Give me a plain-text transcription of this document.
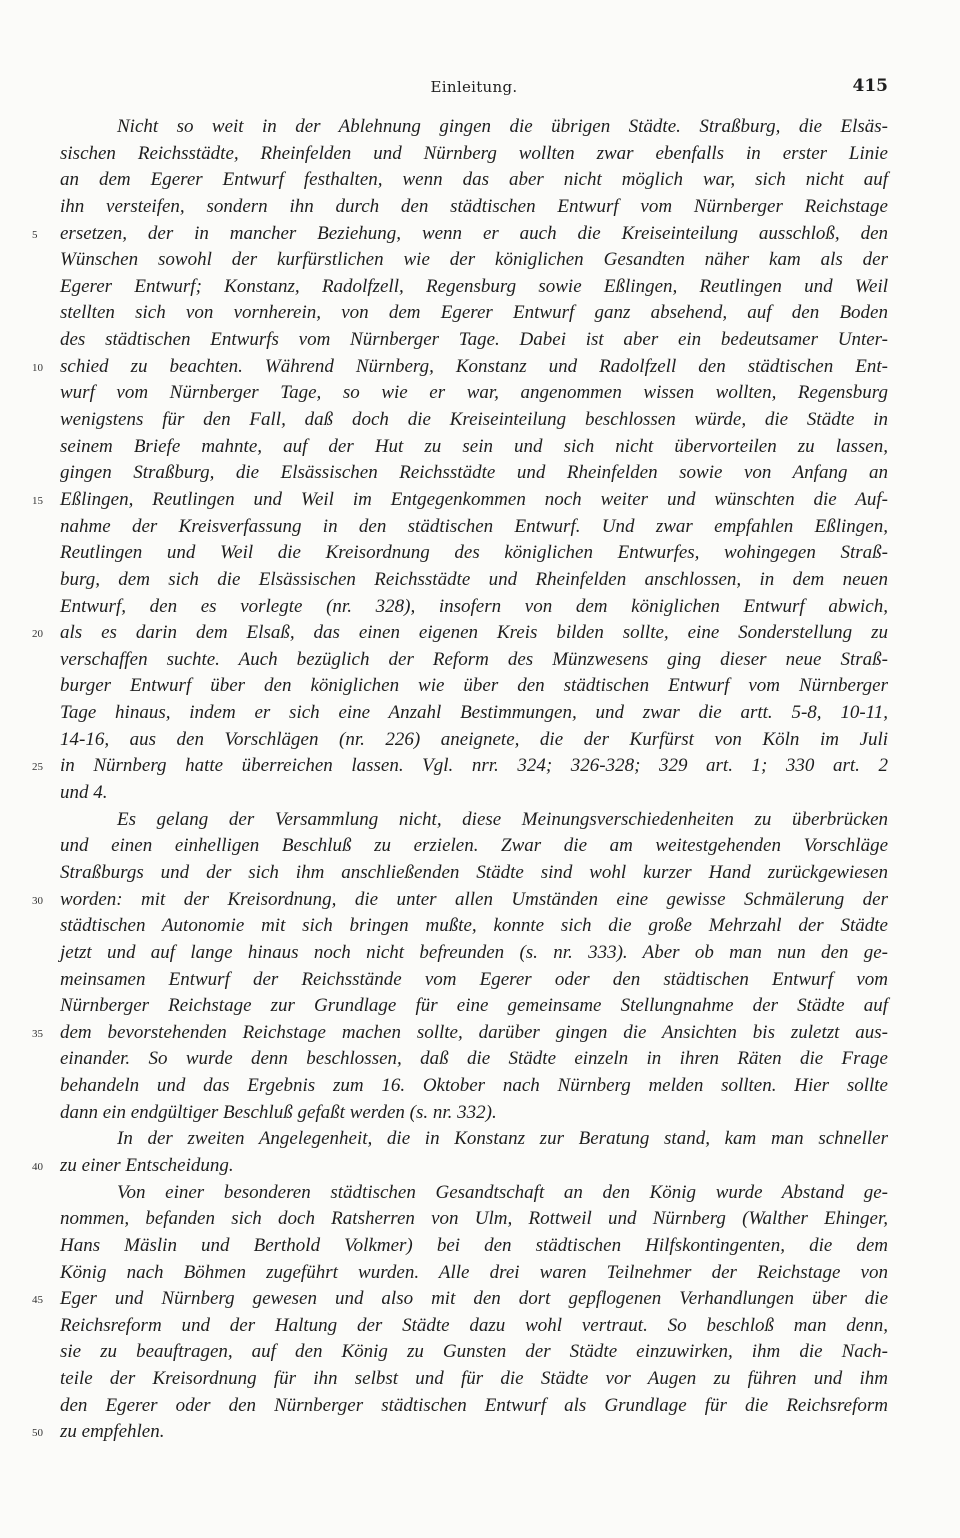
Einleitung.	415
Nicht so weit in der Ablehnung gingen die übrigen Städte. Straßburg, die Elsäs-
sischen Reichsstädte, Rheinfelden und Nürnberg wollten zwar ebenfalls in erster Linie
an dem Egerer Entwurf festhalten, wenn das aber nicht möglich war, sich nicht auf
ihn versteifen, sondern ihn durch den städtischen Entwurf vom Nürnberger Reichstage
5	ersetzen, der in mancher Beziehung, wenn er auch die Kreiseinteilung ausschloß, den
Wünschen sowohl der kurfürstlichen wie der königlichen Gesandten näher kam als der
Egerer Entwurf; Konstanz, Radolfzell, Regensburg sowie Eßlingen, Reutlingen und Weil
stellten sich von vornherein, von dem Egerer Entwurf ganz absehend, auf den Boden
des städtischen Entwurfs vom Nürnberger Tage. Dabei ist aber ein bedeutsamer Unter-
10 schied zu beachten. Während Nürnberg, Konstanz und Radolfzell den städtischen Ent-
wurf vom Nürnberger Tage, so wie er war, angenommen wissen wollten, Regensburg
wenigstens für den Fall, daß doch die Kreiseinteilung beschlossen würde, die Städte in
seinem Briefe mahnte, auf der Hut zu sein und sich nicht übervorteilen zu lassen,
gingen Straßburg, die Elsässischen Reichsstädte und Rheinfelden sowie von Anfang an
15 Eßlingen, Reutlingen und Weil im Entgegenkommen noch weiter und wünschten die Auf-
nahme der Kreisverfassung in den städtischen Entwurf. Und zwar empfahlen Eßlingen,
Reutlingen und Weil die Kreisordnung des königlichen Entwurfes, wohingegen Straß-
burg, dem sich die Elsässischen Reichsstädte und Rheinfelden anschlossen, in dem neuen
Entwurf, den es vorlegte (nr. 328), insofern von dem königlichen Entwurf abwich,
20 als es darin dem Elsaß, das einen eigenen Kreis bilden sollte, eine Sonderstellung zu
verschaffen suchte. Auch bezüglich der Reform des Münzwesens ging dieser neue Straß-
burger Entwurf über den königlichen wie über den städtischen Entwurf vom Nürnberger
Tage hinaus, indem er sich eine Anzahl Bestimmungen, und zwar die artt. 5-8, 10-11,
14-16, aus den Vorschlägen (nr. 226) aneignete, die der Kurfürst von Köln im Juli
25 in Nürnberg hatte überreichen lassen. Vgl. nrr. 324; 326-328; 329 art. 1; 330 art. 2
und 4.
Es gelang der Versammlung nicht, diese Meinungsverschiedenheiten zu überbrücken
und einen einhelligen Beschluß zu erzielen. Zwar die am weitestgehenden Vorschläge
Straßburgs und der sich ihm anschließenden Städte sind wohl kurzer Hand zurückgewiesen
30 worden: mit der Kreisordnung, die unter allen Umständen eine gewisse Schmälerung der
städtischen Autonomie mit sich bringen mußte, konnte sich die große Mehrzahl der Städte
jetzt und auf lange hinaus noch nicht befreunden (s. nr. 333). Aber ob man nun den ge-
meinsamen Entwurf der Reichsstände vom Egerer oder den städtischen Entwurf vom
Nürnberger Reichstage zur Grundlage für eine gemeinsame Stellungnahme der Städte auf
35 dem bevorstehenden Reichstage machen sollte, darüber gingen die Ansichten bis zuletzt aus-
einander. So wurde denn beschlossen, daß die Städte einzeln in ihren Räten die Frage
behandeln und das Ergebnis zum 16. Oktober nach Nürnberg melden sollten. Hier sollte
dann ein endgültiger Beschluß gefaßt werden (s. nr. 332).
In der zweiten Angelegenheit, die in Konstanz zur Beratung stand, kam man schneller
40 zu einer Entscheidung.
Von einer besonderen städtischen Gesandtschaft an den König wurde Abstand ge-
nommen, befanden sich doch Ratsherren von Ulm, Rottweil und Nürnberg (Walther Ehinger,
Hans Mäslin und Berthold Volkmer) bei den städtischen Hilfskontingenten, die dem
König nach Böhmen zugeführt wurden. Alle drei waren Teilnehmer der Reichstage von
45 Eger und Nürnberg gewesen und also mit den dort gepflogenen Verhandlungen über die
Reichsreform und der Haltung der Städte dazu wohl vertraut. So beschloß man denn,
sie zu beauftragen, auf den König zu Gunsten der Städte einzuwirken, ihm die Nach-
teile der Kreisordnung für ihn selbst und für die Städte vor Augen zu führen und ihm
den Egerer oder den Nürnberger städtischen Entwurf als Grundlage für die Reichsreform
50 zu empfehlen.
